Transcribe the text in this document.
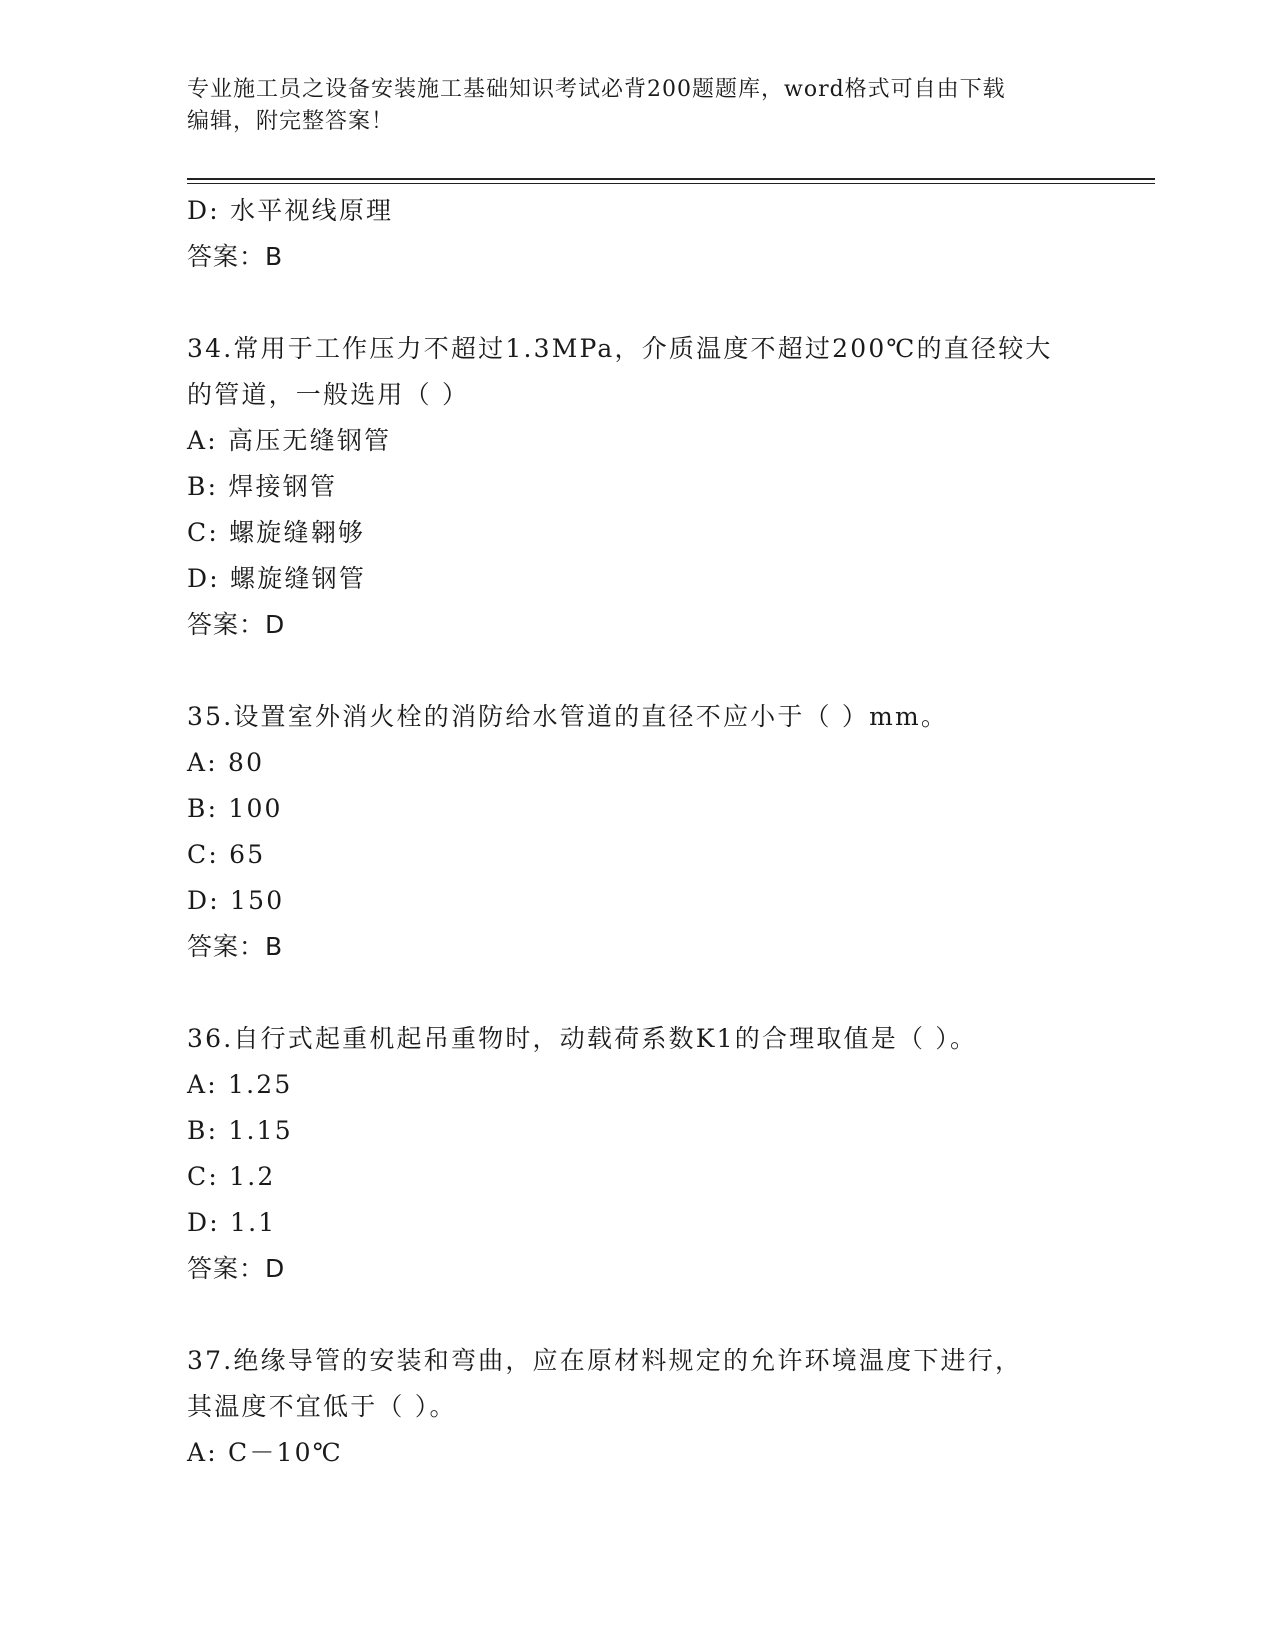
专业施工员之设备安装施工基础知识考试必背200题题库，word格式可自由下载
编辑，附完整答案！
D: 水平视线原理
答案：B
34.常用于工作压力不超过1.3MPa，介质温度不超过200℃的直径较大
的管道，一般选用（ ）
A: 高压无缝钢管
B: 焊接钢管
C: 螺旋缝翱够
D: 螺旋缝钢管
答案：D
35.设置室外消火栓的消防给水管道的直径不应小于（ ）mm。
A: 80
B: 100
C: 65
D: 150
答案：B
36.自行式起重机起吊重物时，动载荷系数K1的合理取值是（ ）。
A: 1.25
B: 1.15
C: 1.2
D: 1.1
答案：D
37.绝缘导管的安装和弯曲，应在原材料规定的允许环境温度下进行，
其温度不宜低于（ ）。
A: C－10℃
